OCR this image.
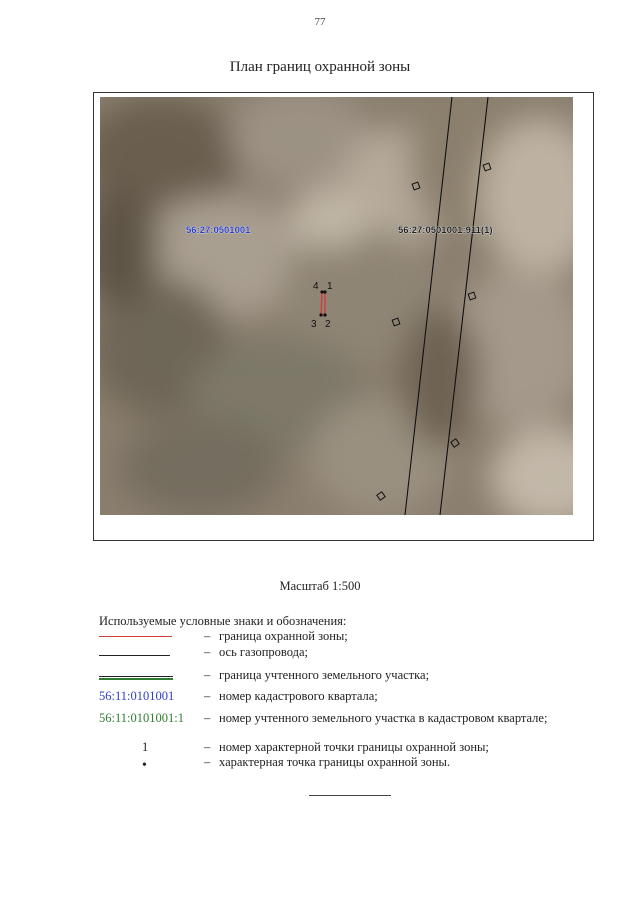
77
План границ охранной зоны
4 1
3 2
56:27:0501001	56:27:0501001:911(1)
Масштаб 1:500
Используемые условные знаки и обозначения:
– граница охранной зоны;
– ось газопровода;
– граница учтенного земельного участка;
56:11:0101001 – номер кадастрового квартала;
56:11:0101001:1 – номер учтенного земельного участка в кадастровом квартале;
1	– номер характерной точки границы охранной зоны;
•	– характерная точка границы охранной зоны.
